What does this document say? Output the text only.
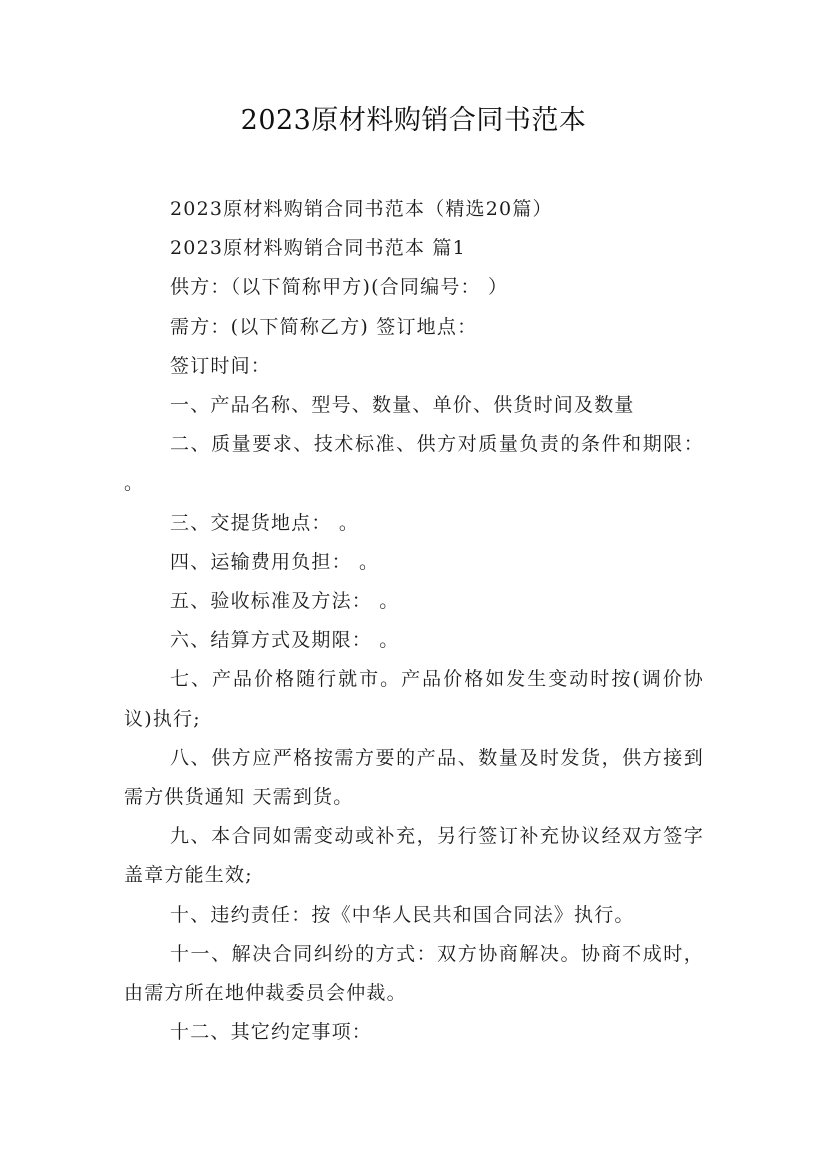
2023原材料购销合同书范本

2023原材料购销合同书范本（精选20篇）

2023原材料购销合同书范本 篇1

供方：（以下简称甲方)(合同编号： ）

需方：(以下简称乙方) 签订地点：

签订时间：

一、产品名称、型号、数量、单价、供货时间及数量

二、质量要求、技术标准、供方对质量负责的条件和期限： 。

三、交提货地点： 。

四、运输费用负担： 。

五、验收标准及方法： 。

六、结算方式及期限： 。

七、产品价格随行就市。产品价格如发生变动时按(调价协议)执行;

八、供方应严格按需方要的产品、数量及时发货，供方接到需方供货通知 天需到货。

九、本合同如需变动或补充，另行签订补充协议经双方签字盖章方能生效;

十、违约责任：按《中华人民共和国合同法》执行。

十一、解决合同纠纷的方式：双方协商解决。协商不成时，由需方所在地仲裁委员会仲裁。

十二、其它约定事项：
